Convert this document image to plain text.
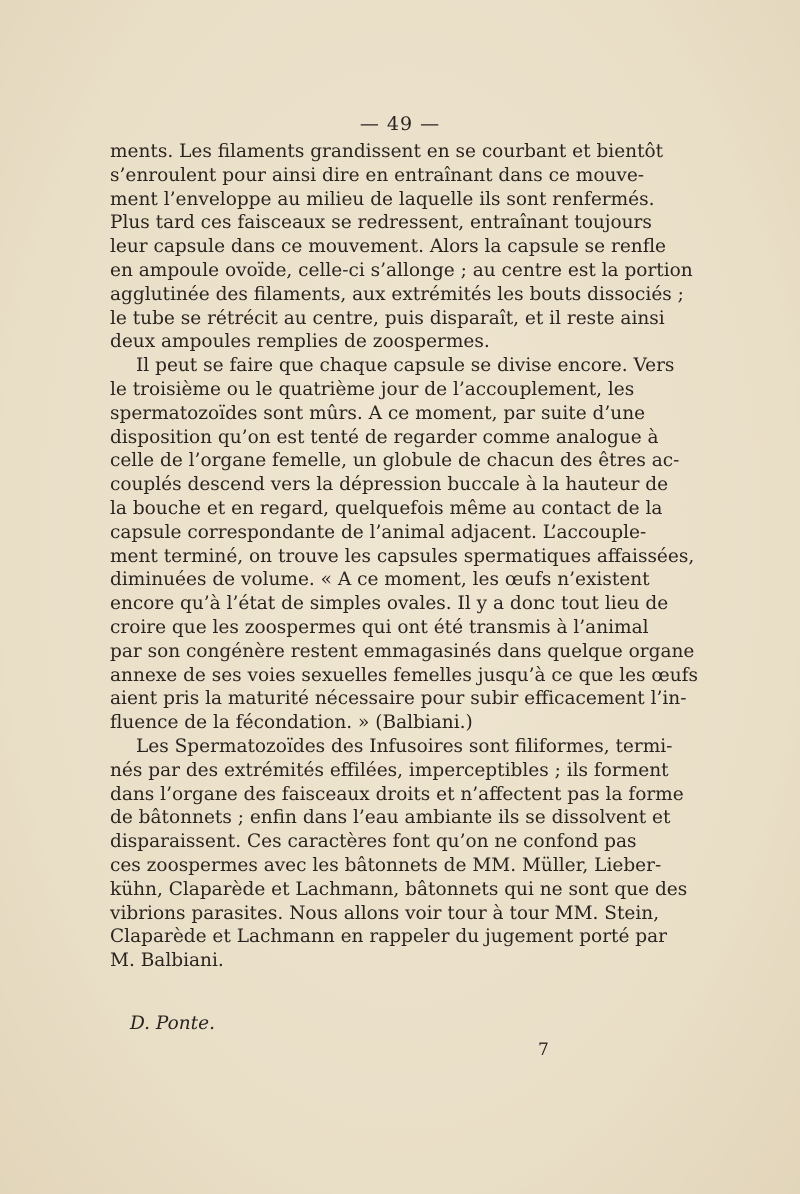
— 49 —
ments. Les filaments grandissent en se courbant et bientôt
s’enroulent pour ainsi dire en entraînant dans ce mouve-
ment l’enveloppe au milieu de laquelle ils sont renfermés.
Plus tard ces faisceaux se redressent, entraînant toujours
leur capsule dans ce mouvement. Alors la capsule se renfle
en ampoule ovoïde, celle-ci s’allonge ; au centre est la portion
agglutinée des filaments, aux extrémités les bouts dissociés ;
le tube se rétrécit au centre, puis disparaît, et il reste ainsi
deux ampoules remplies de zoospermes.
Il peut se faire que chaque capsule se divise encore. Vers
le troisième ou le quatrième jour de l’accouplement, les
spermatozoïdes sont mûrs. A ce moment, par suite d’une
disposition qu’on est tenté de regarder comme analogue à
celle de l’organe femelle, un globule de chacun des êtres ac-
couplés descend vers la dépression buccale à la hauteur de
la bouche et en regard, quelquefois même au contact de la
capsule correspondante de l’animal adjacent. L’accouple-
ment terminé, on trouve les capsules spermatiques affaissées,
diminuées de volume. « A ce moment, les œufs n’existent
encore qu’à l’état de simples ovales. Il y a donc tout lieu de
croire que les zoospermes qui ont été transmis à l’animal
par son congénère restent emmagasinés dans quelque organe
annexe de ses voies sexuelles femelles jusqu’à ce que les œufs
aient pris la maturité nécessaire pour subir efficacement l’in-
fluence de la fécondation. » (Balbiani.)
Les Spermatozoïdes des Infusoires sont filiformes, termi-
nés par des extrémités effilées, imperceptibles ; ils forment
dans l’organe des faisceaux droits et n’affectent pas la forme
de bâtonnets ; enfin dans l’eau ambiante ils se dissolvent et
disparaissent. Ces caractères font qu’on ne confond pas
ces zoospermes avec les bâtonnets de MM. Müller, Lieber-
kühn, Claparède et Lachmann, bâtonnets qui ne sont que des
vibrions parasites. Nous allons voir tour à tour MM. Stein,
Claparède et Lachmann en rappeler du jugement porté par
M. Balbiani.
D. Ponte.
7
